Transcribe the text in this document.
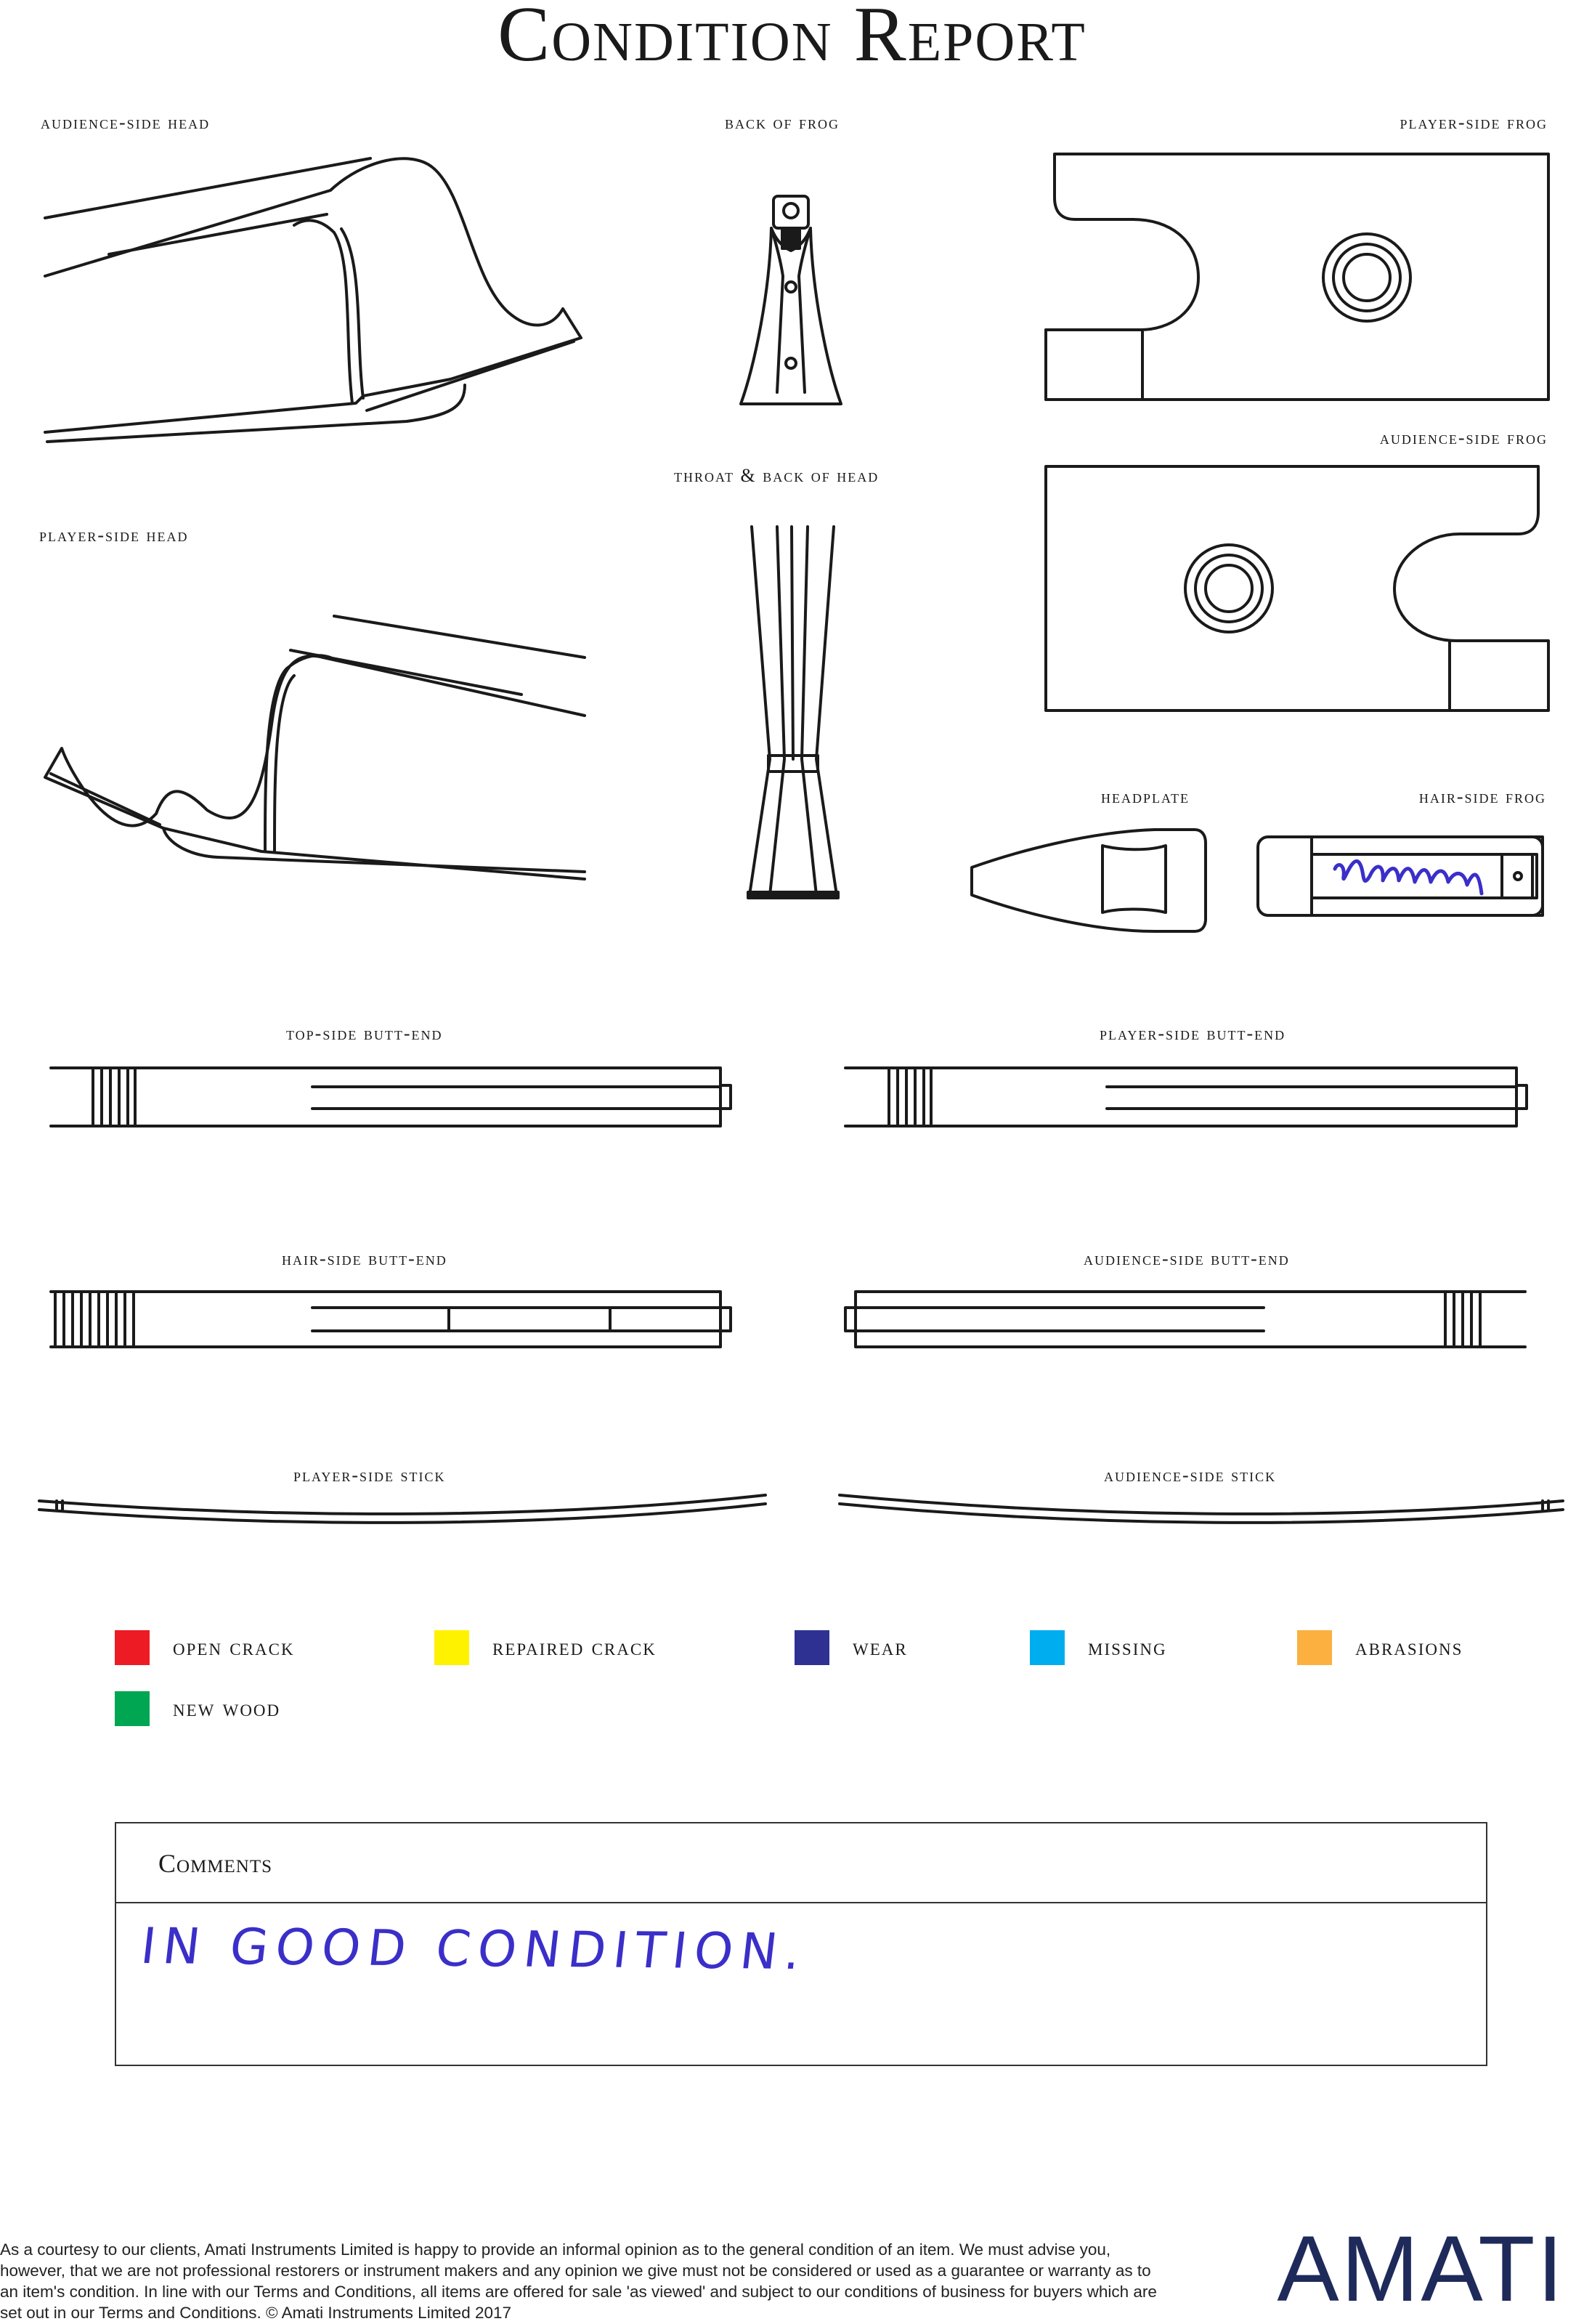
Condition Report
audience-side head	back of frog	player-side frog
throat & back of head
audience-side frog
player-side head
headplate	hair-side frog
top-side butt-end	player-side butt-end
hair-side butt-end	audience-side butt-end
player-side stick	audience-side stick
open crack	repaired crack	wear	missing	abrasions
new wood
Comments
IN GOOD CONDITION.

As a courtesy to our clients, Amati Instruments Limited is happy to provide an informal opinion as to the general condition of an item. We must advise you, however, that we are not professional restorers or instrument makers and any opinion we give must not be considered or used as a guarantee or warranty as to an item's condition. In line with our Terms and Conditions, all items are offered for sale 'as viewed' and subject to our conditions of business for buyers which are set out in our Terms and Conditions. © Amati Instruments Limited 2017	AMATI
